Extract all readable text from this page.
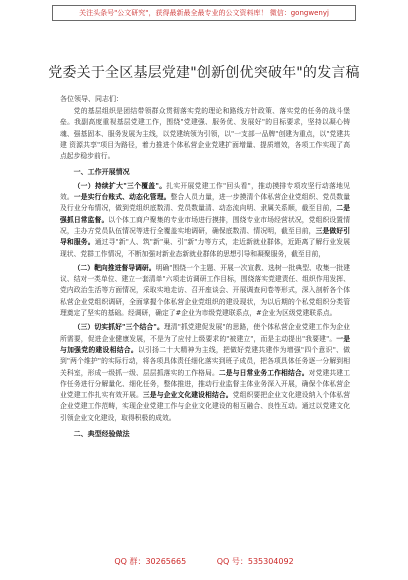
关注头条号"公文研究"，获得最新最全最专业的公文资料库！ 微信：gongwenyj
党委关于全区基层党建"创新创优突破年"的发言稿
各位领导、同志们：

党的基层组织是团结带领群众贯彻落实党的理论和路线方针政策、落实党的任务的战斗堡垒。我副高度重视基层党建工作，围绕"党建强、服务优、发展好"的目标要求，坚持以凝心铸魂、强基固本、服务发展为主线，以党建统领为引领，以"一支部一品牌"创建为重点，以"党建共建 资源共享"项目为路径，着力推进个体私营企业党建扩面增量、提质增效，各项工作实现了高点起步稳步前行。

一、工作开展情况

（一）持续扩大"三个覆盖"。扎实开展党建工作"回头看"，推动摸排专项攻坚行动落地见效。一是实行台账式、动态化管理。整合人员力量，进一步摸清个体私营企业党组织、党员数量及行业分布情况，做到党组织底数清、党员数量清、动态流向明、隶属关系顺，截至目前，二是强抓日常监督。以个体工商户聚集的专业市场进行摸排，围绕专业市场经营状况，党组织设置情况，主办方党员队伍情况等进行全覆盖实地调研，确保底数清、情况明，截至目前，三是做好引导和服务。通过寻"新"人、筑"新"巢、引"新"力等方式，走近新就业群体，近距离了解行业发展现状、党群工作情况，不断加强对新业态新就业群体的思想引导和凝聚服务，截至目前，

（二）靶向推进督导调研。明确"围绕一个主题、开展一次宣教、选树一批典型、收集一批建议、结对一类单位、建立一套清单"六项走访调研工作目标，围绕落实党建责任、组织作用发挥、党内政治生活等方面情况，采取实地走访、召开座谈会、开展调查问卷等形式，深入剖析各个体私营企业党组织调研，全面掌握个体私营企业党组织的建设现状，为以后期的个私党组织分类管理奠定了坚实的基础。经调研，确定了#企业为市级党建联系点，#企业为区级党建联系点。

（三）切实抓好"三个结合"。理清"抓党建促发展"的思路，使个体私营企业党建工作为企业所需要，促进企业健康发展，不是为了应付上级要求的"被建立"，而是主动提出"我要建"。一是与加强党的建设相结合。以引扬二十大精神为主线，把做好党建共建作为增强"四个意识"、做到"两个维护"的实际行动，将各项具体责任细化落实到班子成员，把各项具体任务逐一分解到相关科室，形成一级抓一级、层层抓落实的工作格局。二是与日常业务工作相结合。对党建共建工作任务进行分解量化、细化任务，整体推进，推动行业监督主体业务深入开展，确保个体私营企业党建工作扎实有效开展。三是与企业文化建设相结合。党组织要把企业文化建设纳入个体私营企业党建工作范畴，实现企业党建工作与企业文化建设的相互融合、良性互动。通过以党建文化引领企业文化建设，取得积极的成效。

二、典型经验做法
QQ 群：30265665	QQ 号：535304092
